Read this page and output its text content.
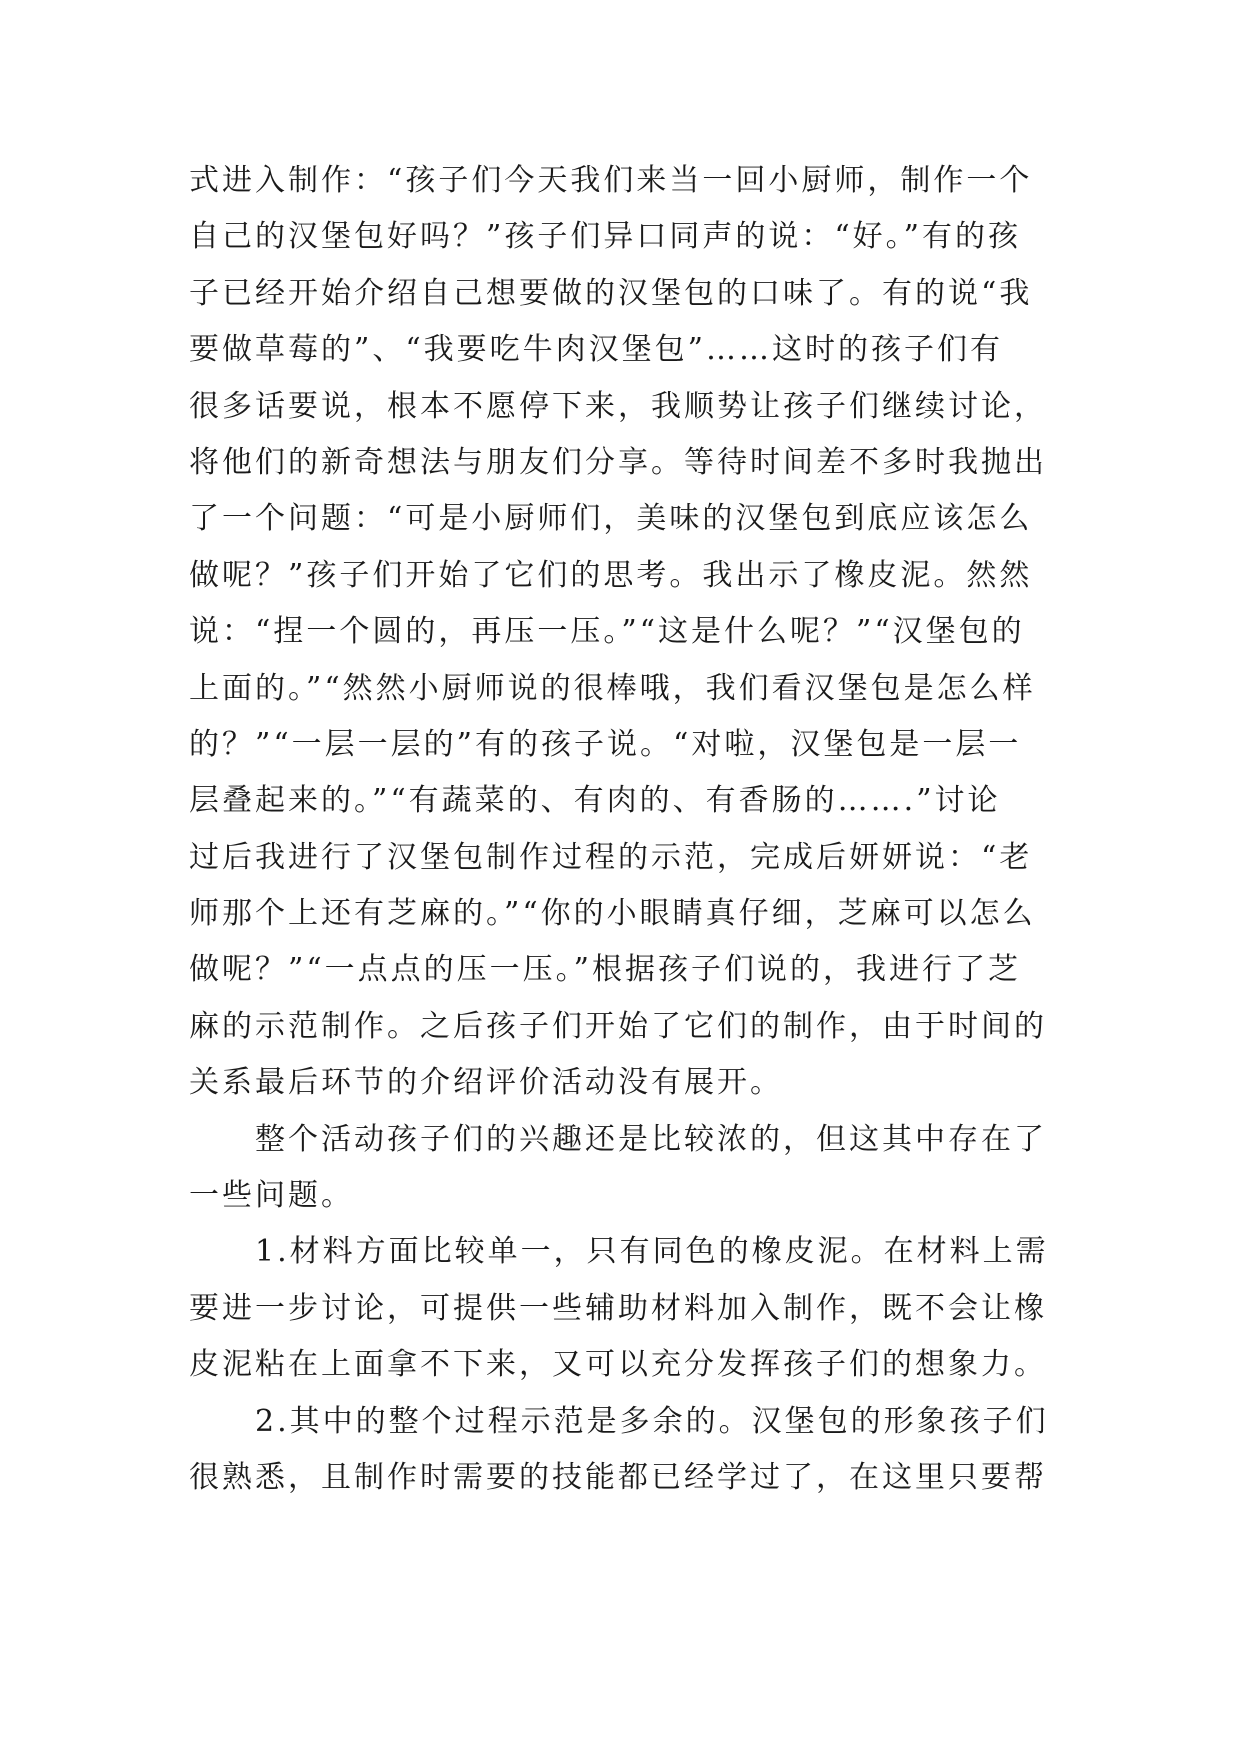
式进入制作：“孩子们今天我们来当一回小厨师，制作一个
自己的汉堡包好吗？”孩子们异口同声的说：“好。”有的孩
子已经开始介绍自己想要做的汉堡包的口味了。有的说“我
要做草莓的”、“我要吃牛肉汉堡包”……这时的孩子们有
很多话要说，根本不愿停下来，我顺势让孩子们继续讨论，
将他们的新奇想法与朋友们分享。等待时间差不多时我抛出
了一个问题：“可是小厨师们，美味的汉堡包到底应该怎么
做呢？”孩子们开始了它们的思考。我出示了橡皮泥。然然
说：“捏一个圆的，再压一压。”“这是什么呢？”“汉堡包的
上面的。”“然然小厨师说的很棒哦，我们看汉堡包是怎么样
的？”“一层一层的”有的孩子说。“对啦，汉堡包是一层一
层叠起来的。”“有蔬菜的、有肉的、有香肠的…….”讨论
过后我进行了汉堡包制作过程的示范，完成后妍妍说：“老
师那个上还有芝麻的。”“你的小眼睛真仔细，芝麻可以怎么
做呢？”“一点点的压一压。”根据孩子们说的，我进行了芝
麻的示范制作。之后孩子们开始了它们的制作，由于时间的
关系最后环节的介绍评价活动没有展开。
整个活动孩子们的兴趣还是比较浓的，但这其中存在了
一些问题。
1.材料方面比较单一，只有同色的橡皮泥。在材料上需
要进一步讨论，可提供一些辅助材料加入制作，既不会让橡
皮泥粘在上面拿不下来，又可以充分发挥孩子们的想象力。
2.其中的整个过程示范是多余的。汉堡包的形象孩子们
很熟悉，且制作时需要的技能都已经学过了，在这里只要帮
